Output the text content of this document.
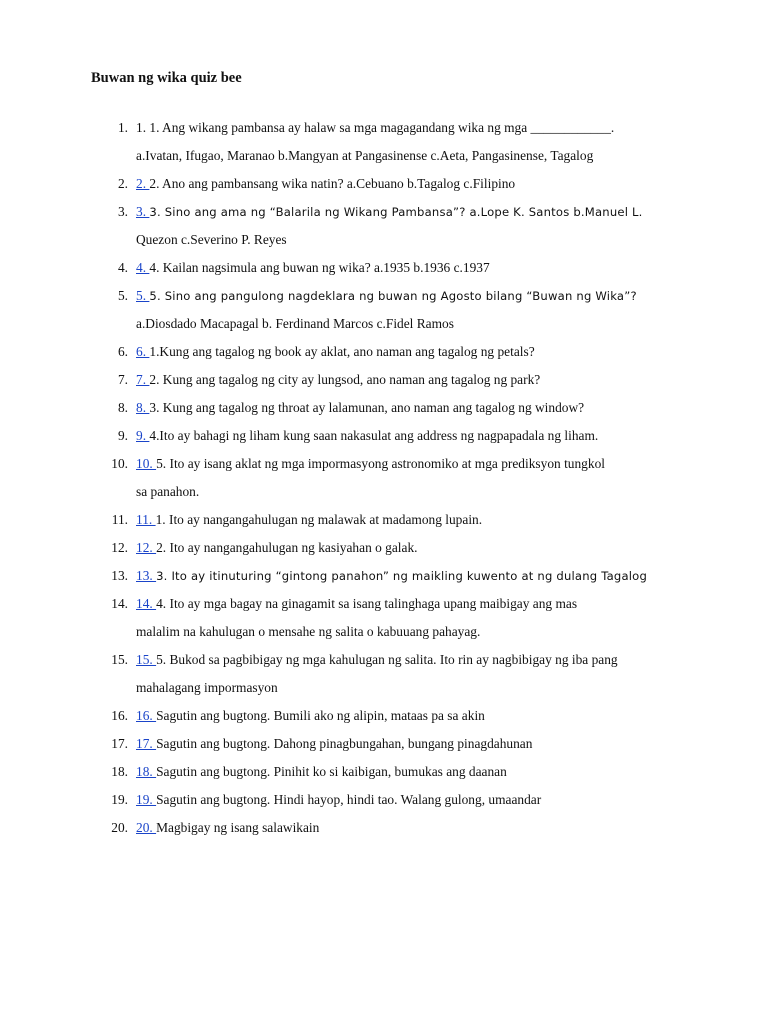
Buwan ng wika quiz bee
1. 1. 1. Ang wikang pambansa ay halaw sa mga magagandang wika ng mga ____________.
a.Ivatan, Ifugao, Maranao b.Mangyan at Pangasinense c.Aeta, Pangasinense, Tagalog
2. 2. 2. Ano ang pambansang wika natin? a.Cebuano b.Tagalog c.Filipino
3. 3. 3. Sino ang ama ng “Balarila ng Wikang Pambansa”? a.Lope K. Santos b.Manuel L.
Quezon c.Severino P. Reyes
4. 4. 4. Kailan nagsimula ang buwan ng wika? a.1935 b.1936 c.1937
5. 5. 5. Sino ang pangulong nagdeklara ng buwan ng Agosto bilang “Buwan ng Wika”?
a.Diosdado Macapagal b. Ferdinand Marcos c.Fidel Ramos
6. 6. 1.Kung ang tagalog ng book ay aklat, ano naman ang tagalog ng petals?
7. 7. 2. Kung ang tagalog ng city ay lungsod, ano naman ang tagalog ng park?
8. 8. 3. Kung ang tagalog ng throat ay lalamunan, ano naman ang tagalog ng window?
9. 9. 4.Ito ay bahagi ng liham kung saan nakasulat ang address ng nagpapadala ng liham.
10. 10. 5. Ito ay isang aklat ng mga impormasyong astronomiko at mga prediksyon tungkol
sa panahon.
11. 11. 1. Ito ay nangangahulugan ng malawak at madamong lupain.
12. 12. 2. Ito ay nangangahulugan ng kasiyahan o galak.
13. 13. 3. Ito ay itinuturing “gintong panahon” ng maikling kuwento at ng dulang Tagalog
14. 14. 4. Ito ay mga bagay na ginagamit sa isang talinghaga upang maibigay ang mas
malalim na kahulugan o mensahe ng salita o kabuuang pahayag.
15. 15. 5. Bukod sa pagbibigay ng mga kahulugan ng salita. Ito rin ay nagbibigay ng iba pang
mahalagang impormasyon
16. 16. Sagutin ang bugtong. Bumili ako ng alipin, mataas pa sa akin
17. 17. Sagutin ang bugtong. Dahong pinagbungahan, bungang pinagdahunan
18. 18. Sagutin ang bugtong. Pinihit ko si kaibigan, bumukas ang daanan
19. 19. Sagutin ang bugtong. Hindi hayop, hindi tao. Walang gulong, umaandar
20. 20. Magbigay ng isang salawikain
